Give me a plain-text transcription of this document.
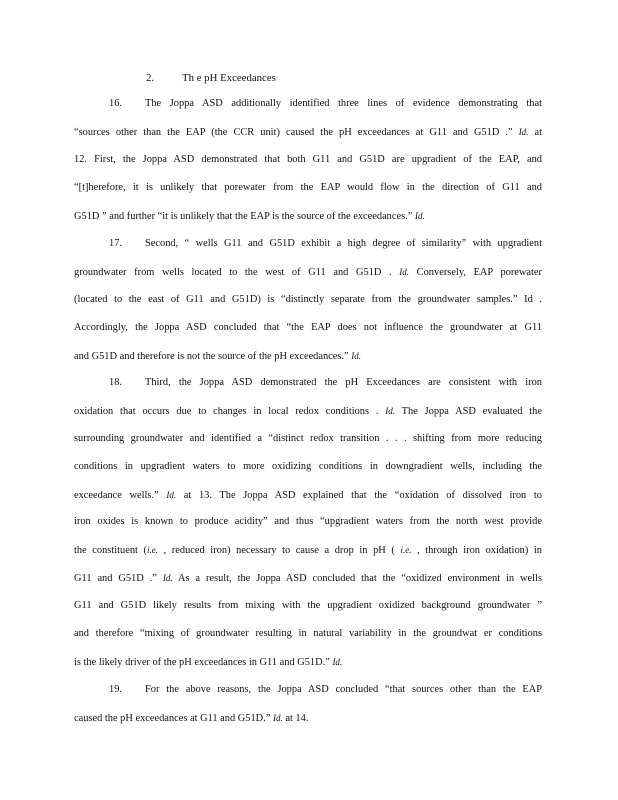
2.	Th e pH Exceedances
16. The Joppa ASD additionally identified three lines of evidence demonstrating that
“sources other than the EAP (the CCR unit) caused the pH exceedances at G11 and G51D .” Id. at
12. First, the Joppa ASD demonstrated that both G11 and G51D are upgradient of the EAP, and
“[t]herefore, it is unlikely that porewater from the EAP would flow in the direction of G11 and
G51D ” and further “it is unlikely that the EAP is the source of the exceedances.” Id.
17. Second, “ wells G11 and G51D exhibit a high degree of similarity” with upgradient
groundwater from wells located to the west of G11 and G51D . Id. Conversely, EAP porewater
(located to the east of G11 and G51D) is “distinctly separate from the groundwater samples.” Id .
Accordingly, the Joppa ASD concluded that “the EAP does not influence the groundwater at G11
and G51D and therefore is not the source of the pH exceedances.” Id.
18. Third, the Joppa ASD demonstrated the pH Exceedances are consistent with iron
oxidation that occurs due to changes in local redox conditions . Id. The Joppa ASD evaluated the
surrounding groundwater and identified a “distinct redox transition . . . shifting from more reducing
conditions in upgradient waters to more oxidizing conditions in downgradient wells, including the
exceedance wells.” Id. at 13. The Joppa ASD explained that the “oxidation of dissolved iron to
iron oxides is known to produce acidity” and thus “upgradient waters from the north west provide
the constituent (i.e. , reduced iron) necessary to cause a drop in pH ( i.e. , through iron oxidation) in
G11 and G51D .” Id. As a result, the Joppa ASD concluded that the “oxidized environment in wells
G11 and G51D likely results from mixing with the upgradient oxidized background groundwater ”
and therefore “mixing of groundwater resulting in natural variability in the groundwat er conditions
is the likely driver of the pH exceedances in G11 and G51D.” Id.
19. For the above reasons, the Joppa ASD concluded “that sources other than the EAP
caused the pH exceedances at G11 and G51D.” Id. at 14.
